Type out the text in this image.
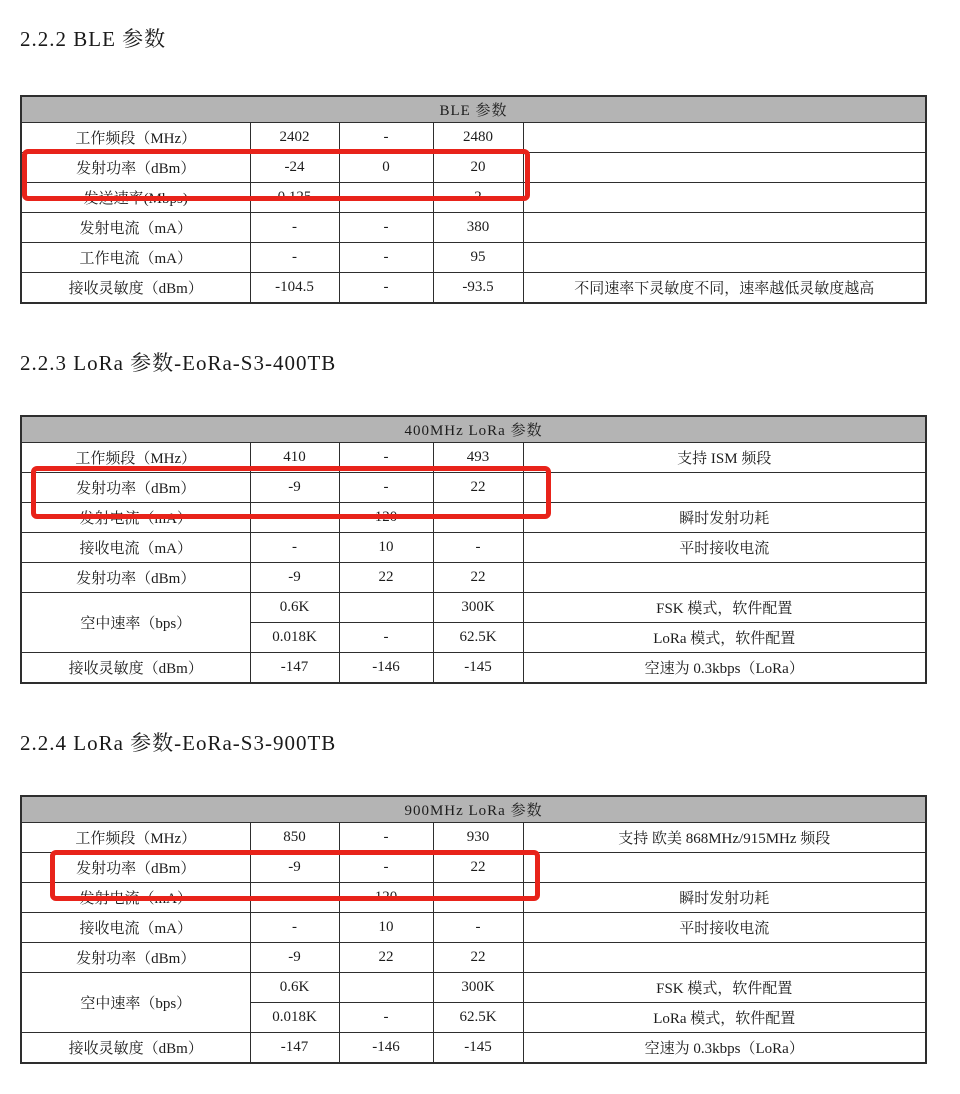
2.2.2 BLE 参数
BLE 参数				
工作频段（MHz）	2402	-	2480	
发射功率（dBm）	-24	0	20	
发送速率(Mbps)	0.125	-	2	
发射电流（mA）	-	-	380	
工作电流（mA）	-	-	95	
接收灵敏度（dBm）	-104.5	-	-93.5	不同速率下灵敏度不同，速率越低灵敏度越高
2.2.3 LoRa 参数-EoRa-S3-400TB
400MHz LoRa 参数				
工作频段（MHz）	410	-	493	支持 ISM 频段
发射功率（dBm）	-9	-	22	
发射电流（mA）	-	120	-	瞬时发射功耗
接收电流（mA）	-	10	-	平时接收电流
发射功率（dBm）	-9	22	22	
空中速率（bps）	0.6K		300K	FSK 模式，软件配置
	0.018K	-	62.5K	LoRa 模式，软件配置
接收灵敏度（dBm）	-147	-146	-145	空速为 0.3kbps（LoRa）
2.2.4 LoRa 参数-EoRa-S3-900TB
900MHz LoRa 参数				
工作频段（MHz）	850	-	930	支持 欧美 868MHz/915MHz 频段
发射功率（dBm）	-9	-	22	
发射电流（mA）	-	120	-	瞬时发射功耗
接收电流（mA）	-	10	-	平时接收电流
发射功率（dBm）	-9	22	22	
空中速率（bps）	0.6K		300K	FSK 模式，软件配置
	0.018K	-	62.5K	LoRa 模式，软件配置
接收灵敏度（dBm）	-147	-146	-145	空速为 0.3kbps（LoRa）
